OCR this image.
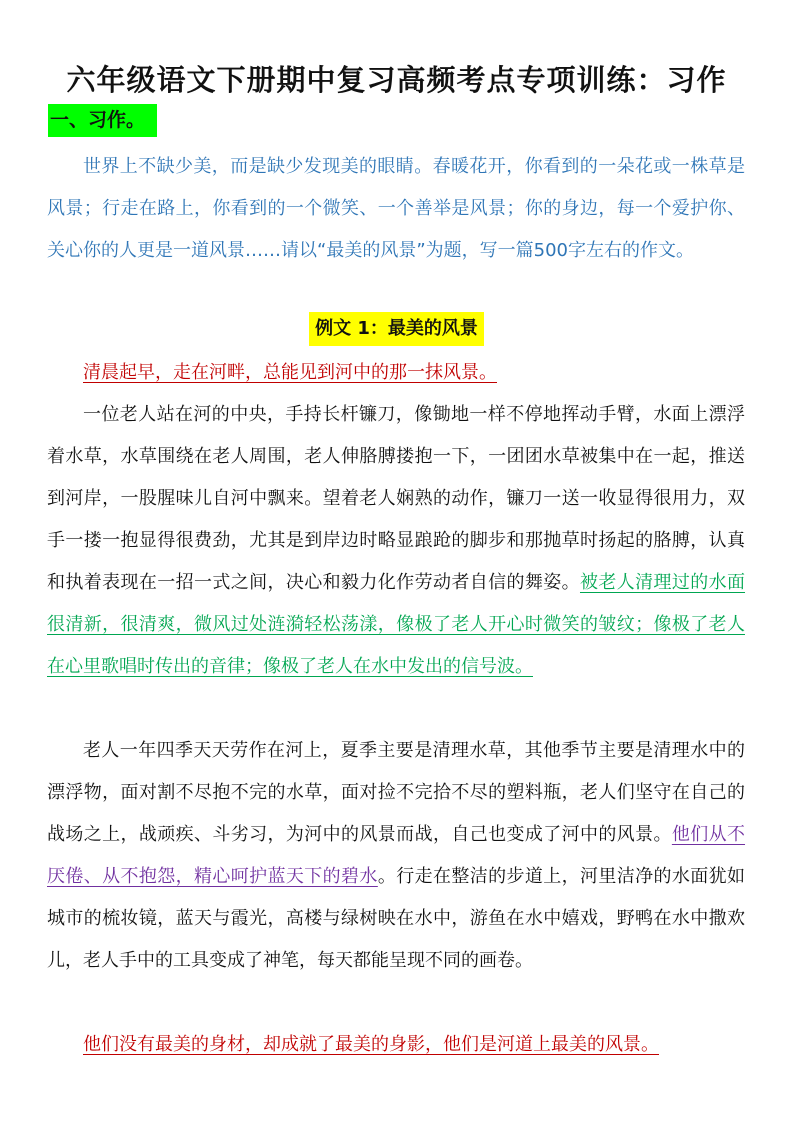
六年级语文下册期中复习高频考点专项训练：习作
一、习作。
世界上不缺少美，而是缺少发现美的眼睛。春暖花开，你看到的一朵花或一株草是风景；行走在路上，你看到的一个微笑、一个善举是风景；你的身边，每一个爱护你、关心你的人更是一道风景……请以“最美的风景”为题，写一篇500字左右的作文。
例文 1：最美的风景
清晨起早，走在河畔，总能见到河中的那一抹风景。
一位老人站在河的中央，手持长杆镰刀，像锄地一样不停地挥动手臂，水面上漂浮着水草，水草围绕在老人周围，老人伸胳膊搂抱一下，一团团水草被集中在一起，推送到河岸，一股腥味儿自河中飘来。望着老人娴熟的动作，镰刀一送一收显得很用力，双手一搂一抱显得很费劲，尤其是到岸边时略显踉跄的脚步和那抛草时扬起的胳膊，认真和执着表现在一招一式之间，决心和毅力化作劳动者自信的舞姿。被老人清理过的水面很清新，很清爽，微风过处涟漪轻松荡漾，像极了老人开心时微笑的皱纹；像极了老人在心里歌唱时传出的音律；像极了老人在水中发出的信号波。
老人一年四季天天劳作在河上，夏季主要是清理水草，其他季节主要是清理水中的漂浮物，面对割不尽抱不完的水草，面对捡不完拾不尽的塑料瓶，老人们坚守在自己的战场之上，战顽疾、斗劣习，为河中的风景而战，自己也变成了河中的风景。他们从不厌倦、从不抱怨，精心呵护蓝天下的碧水。行走在整洁的步道上，河里洁净的水面犹如城市的梳妆镜，蓝天与霞光，高楼与绿树映在水中，游鱼在水中嬉戏，野鸭在水中撒欢儿，老人手中的工具变成了神笔，每天都能呈现不同的画卷。
他们没有最美的身材，却成就了最美的身影，他们是河道上最美的风景。
